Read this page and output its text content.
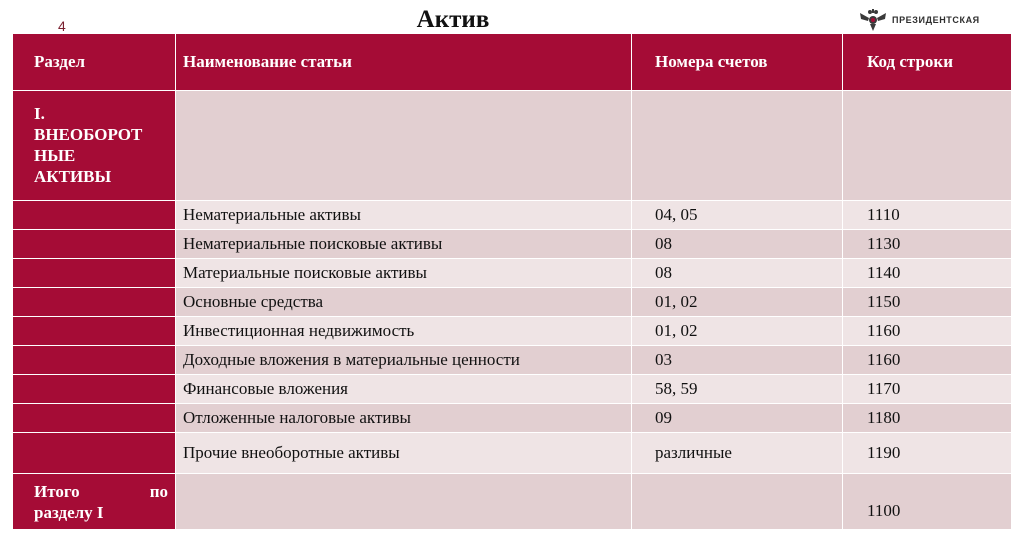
4	Актив	ПРЕЗИДЕНТСКАЯ
Раздел	Наименование статьи	Номера счетов	Код строки

I.
ВНЕОБОРОТ
НЫЕ
АКТИВЫ			

	Нематериальные активы	04, 05	1110
	Нематериальные поисковые активы	08	1130
	Материальные поисковые активы	08	1140
	Основные средства	01, 02	1150
	Инвестиционная недвижимость	01, 02	1160
	Доходные вложения в материальные ценности	03	1160
	Финансовые вложения	58, 59	1170
	Отложенные налоговые активы	09	1180
	Прочие внеоборотные активы	различные	1190

Итого по
разделу I			1100
